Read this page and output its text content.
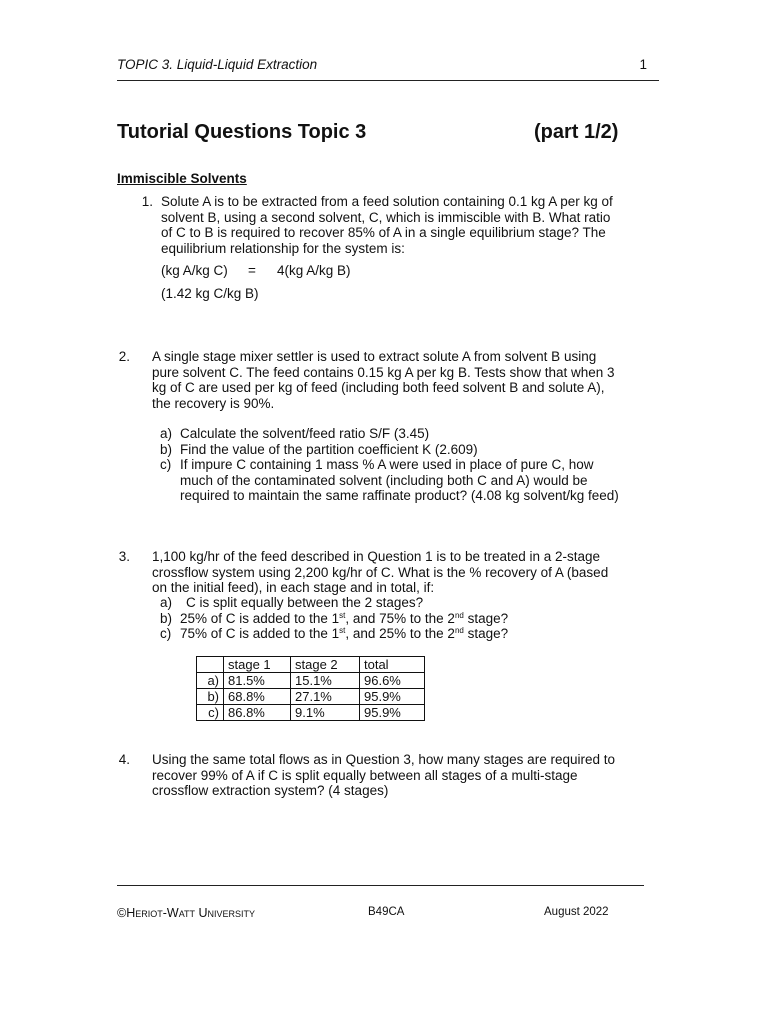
TOPIC 3. Liquid-Liquid Extraction	1
Tutorial Questions Topic 3	(part 1/2)
Immiscible Solvents
1. Solute A is to be extracted from a feed solution containing 0.1 kg A per kg of
solvent B, using a second solvent, C, which is immiscible with B. What ratio
of C to B is required to recover 85% of A in a single equilibrium stage? The
equilibrium relationship for the system is:
(kg A/kg C) = 4(kg A/kg B)
(1.42 kg C/kg B)
2. A single stage mixer settler is used to extract solute A from solvent B using
pure solvent C. The feed contains 0.15 kg A per kg B. Tests show that when 3
kg of C are used per kg of feed (including both feed solvent B and solute A),
the recovery is 90%.
a) Calculate the solvent/feed ratio S/F (3.45)
b) Find the value of the partition coefficient K (2.609)
c) If impure C containing 1 mass % A were used in place of pure C, how
much of the contaminated solvent (including both C and A) would be
required to maintain the same raffinate product? (4.08 kg solvent/kg feed)
3. 1,100 kg/hr of the feed described in Question 1 is to be treated in a 2-stage
crossflow system using 2,200 kg/hr of C. What is the % recovery of A (based
on the initial feed), in each stage and in total, if:
a) C is split equally between the 2 stages?
b) 25% of C is added to the 1st, and 75% to the 2nd stage?
c) 75% of C is added to the 1st, and 25% to the 2nd stage?
	stage 1	stage 2	total
a)	81.5%	15.1%	96.6%
b)	68.8%	27.1%	95.9%
c)	86.8%	9.1%	95.9%
4. Using the same total flows as in Question 3, how many stages are required to
recover 99% of A if C is split equally between all stages of a multi-stage
crossflow extraction system? (4 stages)
©Heriot-Watt University	B49CA	August 2022
